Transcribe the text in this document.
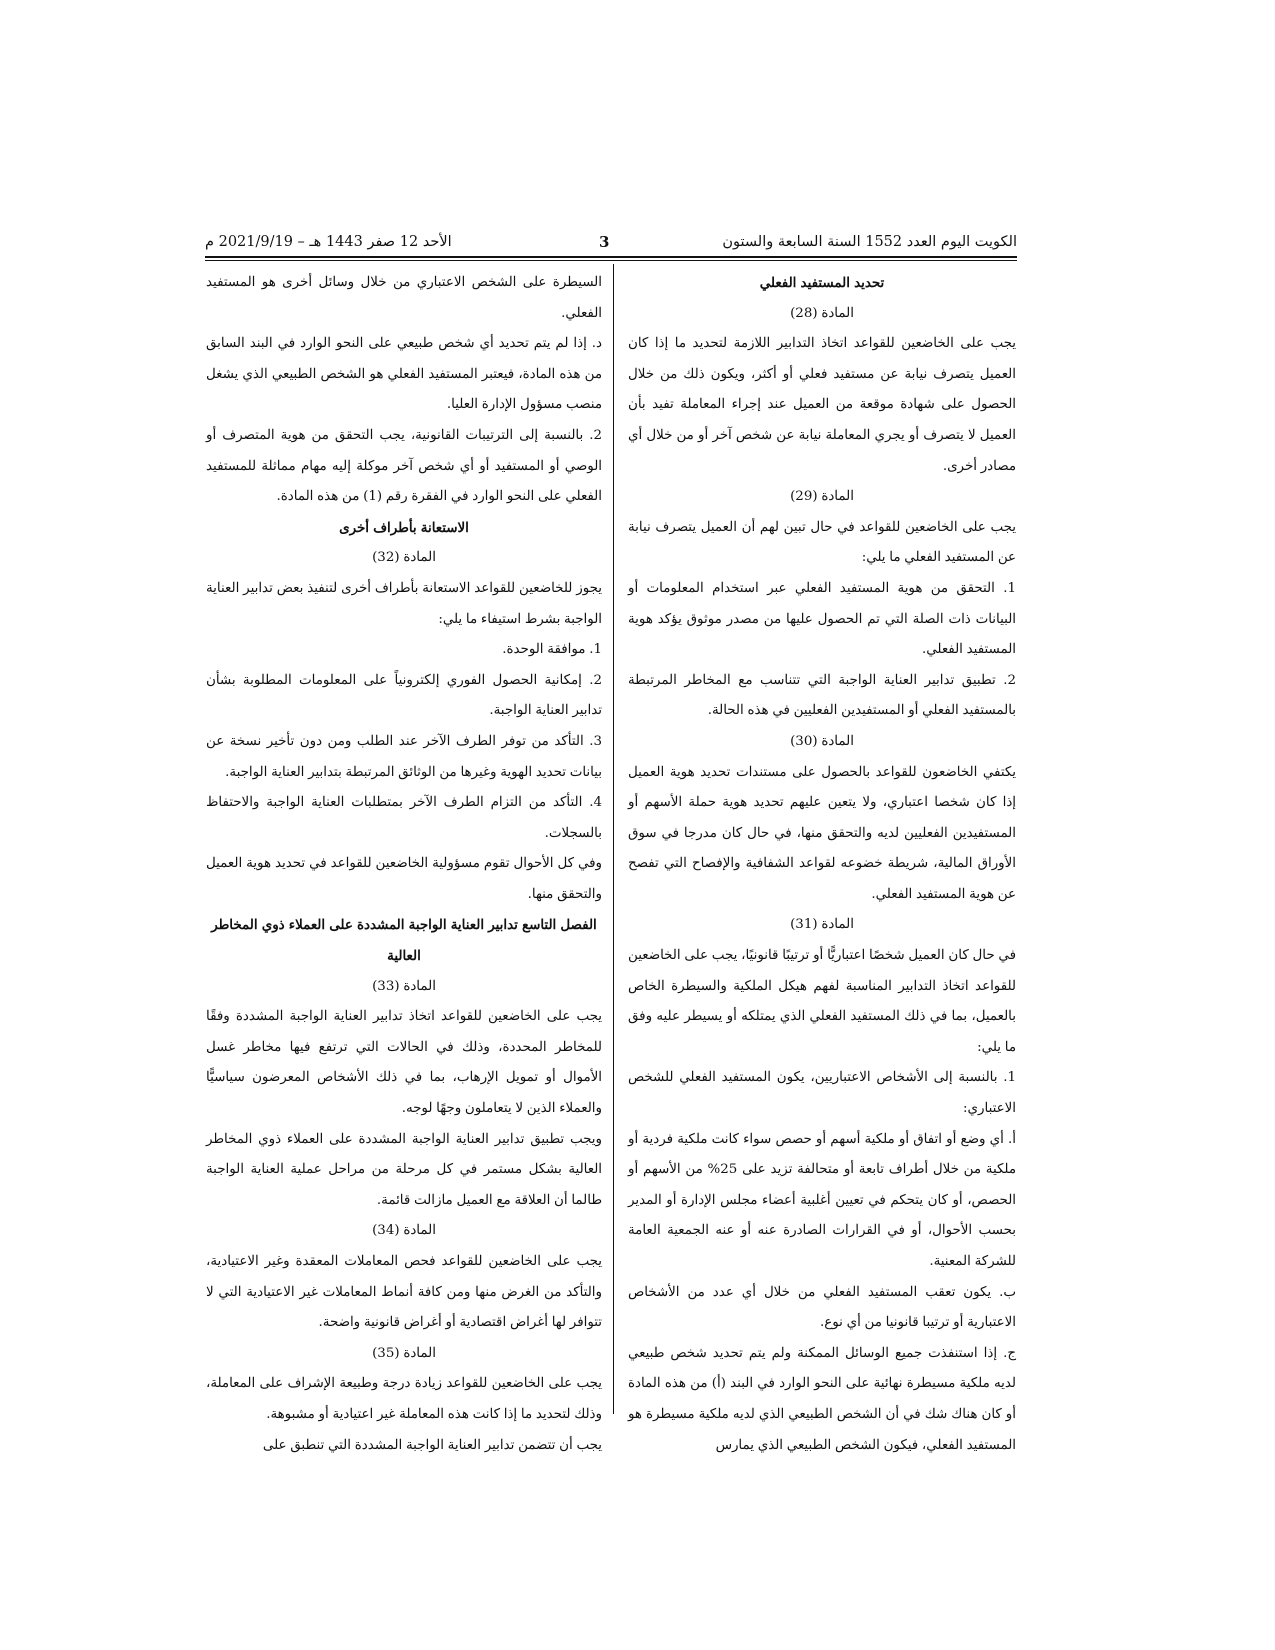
الكويت اليوم العدد 1552 السنة السابعة والستون
3
الأحد 12 صفر 1443 هـ – 2021/9/19 م

تحديد المستفيد الفعلي

المادة (28)

يجب على الخاضعين للقواعد اتخاذ التدابير اللازمة لتحديد ما إذا كان العميل يتصرف نيابة عن مستفيد فعلي أو أكثر، ويكون ذلك من خلال الحصول على شهادة موقعة من العميل عند إجراء المعاملة تفيد بأن العميل لا يتصرف أو يجري المعاملة نيابة عن شخص آخر أو من خلال أي مصادر أخرى.

المادة (29)

يجب على الخاضعين للقواعد في حال تبين لهم أن العميل يتصرف نيابة عن المستفيد الفعلي ما يلي:

1. التحقق من هوية المستفيد الفعلي عبر استخدام المعلومات أو البيانات ذات الصلة التي تم الحصول عليها من مصدر موثوق يؤكد هوية المستفيد الفعلي.

2. تطبيق تدابير العناية الواجبة التي تتناسب مع المخاطر المرتبطة بالمستفيد الفعلي أو المستفيدين الفعليين في هذه الحالة.

المادة (30)

يكتفي الخاضعون للقواعد بالحصول على مستندات تحديد هوية العميل إذا كان شخصا اعتباري، ولا يتعين عليهم تحديد هوية حملة الأسهم أو المستفيدين الفعليين لديه والتحقق منها، في حال كان مدرجا في سوق الأوراق المالية، شريطة خضوعه لقواعد الشفافية والإفصاح التي تفصح عن هوية المستفيد الفعلي.

المادة (31)

في حال كان العميل شخصًا اعتباريًّا أو ترتيبًا قانونيًا، يجب على الخاضعين للقواعد اتخاذ التدابير المناسبة لفهم هيكل الملكية والسيطرة الخاص بالعميل، بما في ذلك المستفيد الفعلي الذي يمتلكه أو يسيطر عليه وفق ما يلي:

1. بالنسبة إلى الأشخاص الاعتباريين، يكون المستفيد الفعلي للشخص الاعتباري:

أ. أي وضع أو اتفاق أو ملكية أسهم أو حصص سواء كانت ملكية فردية أو ملكية من خلال أطراف تابعة أو متحالفة تزيد على 25% من الأسهم أو الحصص، أو كان يتحكم في تعيين أغلبية أعضاء مجلس الإدارة أو المدير بحسب الأحوال، أو في القرارات الصادرة عنه أو عنه الجمعية العامة للشركة المعنية.

ب. يكون تعقب المستفيد الفعلي من خلال أي عدد من الأشخاص الاعتبارية أو ترتيبا قانونيا من أي نوع.

ج. إذا استنفذت جميع الوسائل الممكنة ولم يتم تحديد شخص طبيعي لديه ملكية مسيطرة نهائية على النحو الوارد في البند (أ) من هذه المادة أو كان هناك شك في أن الشخص الطبيعي الذي لديه ملكية مسيطرة هو المستفيد الفعلي، فيكون الشخص الطبيعي الذي يمارس

السيطرة على الشخص الاعتباري من خلال وسائل أخرى هو المستفيد الفعلي.

د. إذا لم يتم تحديد أي شخص طبيعي على النحو الوارد في البند السابق من هذه المادة، فيعتبر المستفيد الفعلي هو الشخص الطبيعي الذي يشغل منصب مسؤول الإدارة العليا.

2. بالنسبة إلى الترتيبات القانونية، يجب التحقق من هوية المتصرف أو الوصي أو المستفيد أو أي شخص آخر موكلة إليه مهام مماثلة للمستفيد الفعلي على النحو الوارد في الفقرة رقم (1) من هذه المادة.

الاستعانة بأطراف أخرى

المادة (32)

يجوز للخاضعين للقواعد الاستعانة بأطراف أخرى لتنفيذ بعض تدابير العناية الواجبة بشرط استيفاء ما يلي:

1. موافقة الوحدة.

2. إمكانية الحصول الفوري إلكترونياً على المعلومات المطلوبة بشأن تدابير العناية الواجبة.

3. التأكد من توفر الطرف الآخر عند الطلب ومن دون تأخير نسخة عن بيانات تحديد الهوية وغيرها من الوثائق المرتبطة بتدابير العناية الواجبة.

4. التأكد من التزام الطرف الآخر بمتطلبات العناية الواجبة والاحتفاظ بالسجلات.

وفي كل الأحوال تقوم مسؤولية الخاضعين للقواعد في تحديد هوية العميل والتحقق منها.

الفصل التاسع تدابير العناية الواجبة المشددة على العملاء ذوي المخاطر العالية

المادة (33)

يجب على الخاضعين للقواعد اتخاذ تدابير العناية الواجبة المشددة وفقًا للمخاطر المحددة، وذلك في الحالات التي ترتفع فيها مخاطر غسل الأموال أو تمويل الإرهاب، بما في ذلك الأشخاص المعرضون سياسيًّا والعملاء الذين لا يتعاملون وجهًا لوجه.

ويجب تطبيق تدابير العناية الواجبة المشددة على العملاء ذوي المخاطر العالية بشكل مستمر في كل مرحلة من مراحل عملية العناية الواجبة طالما أن العلاقة مع العميل مازالت قائمة.

المادة (34)

يجب على الخاضعين للقواعد فحص المعاملات المعقدة وغير الاعتيادية، والتأكد من الغرض منها ومن كافة أنماط المعاملات غير الاعتيادية التي لا تتوافر لها أغراض اقتصادية أو أغراض قانونية واضحة.

المادة (35)

يجب على الخاضعين للقواعد زيادة درجة وطبيعة الإشراف على المعاملة، وذلك لتحديد ما إذا كانت هذه المعاملة غير اعتيادية أو مشبوهة.

يجب أن تتضمن تدابير العناية الواجبة المشددة التي تنطبق على
